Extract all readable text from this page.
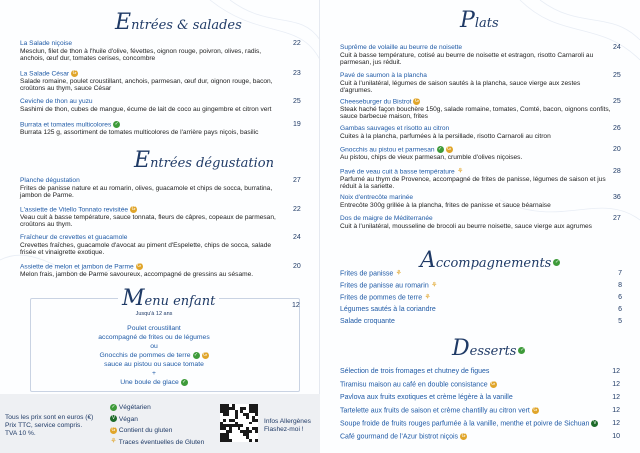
Entrées & salades
La Salade niçoise
Mesclun, filet de thon à l'huile d'olive, févettes, oignon rouge, poivron, olives, radis, anchois, œuf dur, tomates cerises, concombre
22
La Salade César G
Salade romaine, poulet croustillant, anchois, parmesan, œuf dur, oignon rouge, bacon, croûtons au thym, sauce César
23
Ceviche de thon au yuzu
Sashimi de thon, cubes de mangue, écume de lait de coco au gingembre et citron vert
25
Burrata et tomates multicolores ✓
Burrata 125 g, assortiment de tomates multicolores de l'arrière pays niçois, basilic
19
Entrées dégustation
Planche dégustation
Frites de panisse nature et au romarin, olives, guacamole et chips de socca, burratina, jambon de Parme.
27
L'assiette de Vitello Tonnato revisitée G
Veau cuit à basse température, sauce tonnata, fleurs de câpres, copeaux de parmesan, croûtons au thym.
22
Fraîcheur de crevettes et guacamole
Crevettes fraîches, guacamole d'avocat au piment d'Espelette, chips de socca, salade frisée et vinaigrette exotique.
24
Assiette de melon et jambon de Parme G
Melon frais, jambon de Parme savoureux, accompagné de gressins au sésame.
20
Menu enfant	12
Jusqu'à 12 ans
Poulet croustillant
accompagné de frites ou de légumes
ou
Gnocchis de pommes de terre ✓ G
sauce au pistou ou sauce tomate
+
Une boule de glace ✓
Tous les prix sont en euros (€)
Prix TTC, service compris.
TVA 10 %.
✓ Végétarien
V Végan
G Contient du gluten
⚘ Traces éventuelles de Gluten
Infos Allergènes
Flashez-moi !
Plats
Suprême de volaille au beurre de noisette
Cuit à basse température, cotisé au beurre de noisette et estragon, risotto Carnaroli au parmesan, jus réduit.
24
Pavé de saumon à la plancha
Cuit à l'unilatéral, légumes de saison sautés à la plancha, sauce vierge aux zestes d'agrumes.
25
Cheeseburger du Bistrot G
Steak haché façon bouchère 150g, salade romaine, tomates, Comté, bacon, oignons confits, sauce barbecue maison, frites
25
Gambas sauvages et risotto au citron
Cuites à la plancha, parfumées à la persillade, risotto Carnaroli au citron
26
Gnocchis au pistou et parmesan ✓ G
Au pistou, chips de vieux parmesan, crumble d'olives niçoises.
20
Pavé de veau cuit à basse température ⚘
Parfumé au thym de Provence, accompagné de frites de panisse, légumes de saison et jus réduit à la sariette.
28
Noix d'entrecôte marinée
Entrecôte 300g grillée à la plancha, frites de panisse et sauce béarnaise
36
Dos de maigre de Méditerranée
Cuit à l'unilatéral, mousseline de brocoli au beurre noisette, sauce vierge aux agrumes
27
Accompagnements ✓
Frites de panisse ⚘	7
Frites de panisse au romarin ⚘	8
Frites de pommes de terre ⚘	6
Légumes sautés à la coriandre	6
Salade croquante	5
Desserts ✓
Sélection de trois fromages et chutney de figues	12
Tiramisu maison au café en double consistance G	12
Pavlova aux fruits exotiques et crème légère à la vanille	12
Tartelette aux fruits de saison et crème chantilly au citron vert G	12
Soupe froide de fruits rouges parfumée à la vanille, menthe et poivre de Sichuan V 12
Café gourmand de l'Azur bistrot niçois G	10
